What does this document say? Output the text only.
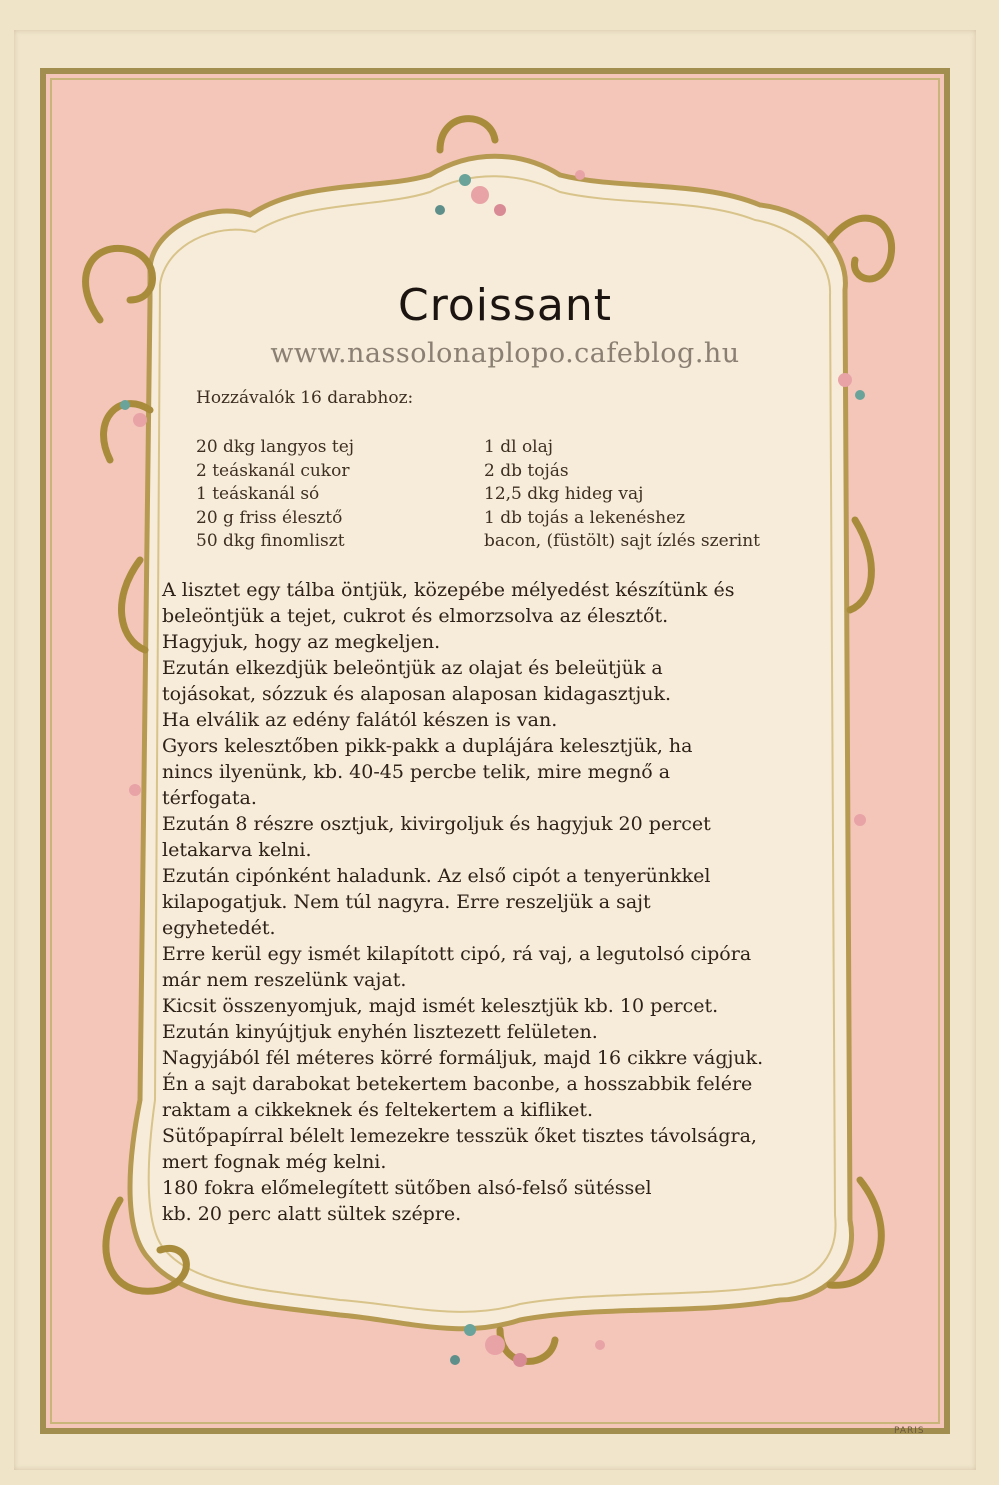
Croissant
www.nassolonaplopo.cafeblog.hu
Hozzávalók 16 darabhoz:
20 dkg langyos tej
2 teáskanál cukor
1 teáskanál só
20 g friss élesztő
50 dkg finomliszt
1 dl olaj
2 db tojás
12,5 dkg hideg vaj
1 db tojás a lekenéshez
bacon, (füstölt) sajt ízlés szerint
A lisztet egy tálba öntjük, közepébe mélyedést készítünk és
beleöntjük a tejet, cukrot és elmorzsolva az élesztőt.
Hagyjuk, hogy az megkeljen.
Ezután elkezdjük beleöntjük az olajat és beleütjük a
tojásokat, sózzuk és alaposan alaposan kidagasztjuk.
Ha elválik az edény falától készen is van.
Gyors kelesztőben pikk-pakk a duplájára kelesztjük, ha
nincs ilyenünk, kb. 40-45 percbe telik, mire megnő a
térfogata.
Ezután 8 részre osztjuk, kivirgoljuk és hagyjuk 20 percet
letakarva kelni.
Ezután cipónként haladunk. Az első cipót a tenyerünkkel
kilapogatjuk. Nem túl nagyra. Erre reszeljük a sajt
egyhetedét.
Erre kerül egy ismét kilapított cipó, rá vaj, a legutolsó cipóra
már nem reszelünk vajat.
Kicsit összenyomjuk, majd ismét kelesztjük kb. 10 percet.
Ezután kinyújtjuk enyhén lisztezett felületen.
Nagyjából fél méteres körré formáljuk, majd 16 cikkre vágjuk.
Én a sajt darabokat betekertem baconbe, a hosszabbik felére
raktam a cikkeknek és feltekertem a kifliket.
Sütőpapírral bélelt lemezekre tesszük őket tisztes távolságra,
mert fognak még kelni.
180 fokra előmelegített sütőben alsó-felső sütéssel
kb. 20 perc alatt sültek szépre.
PARIS
